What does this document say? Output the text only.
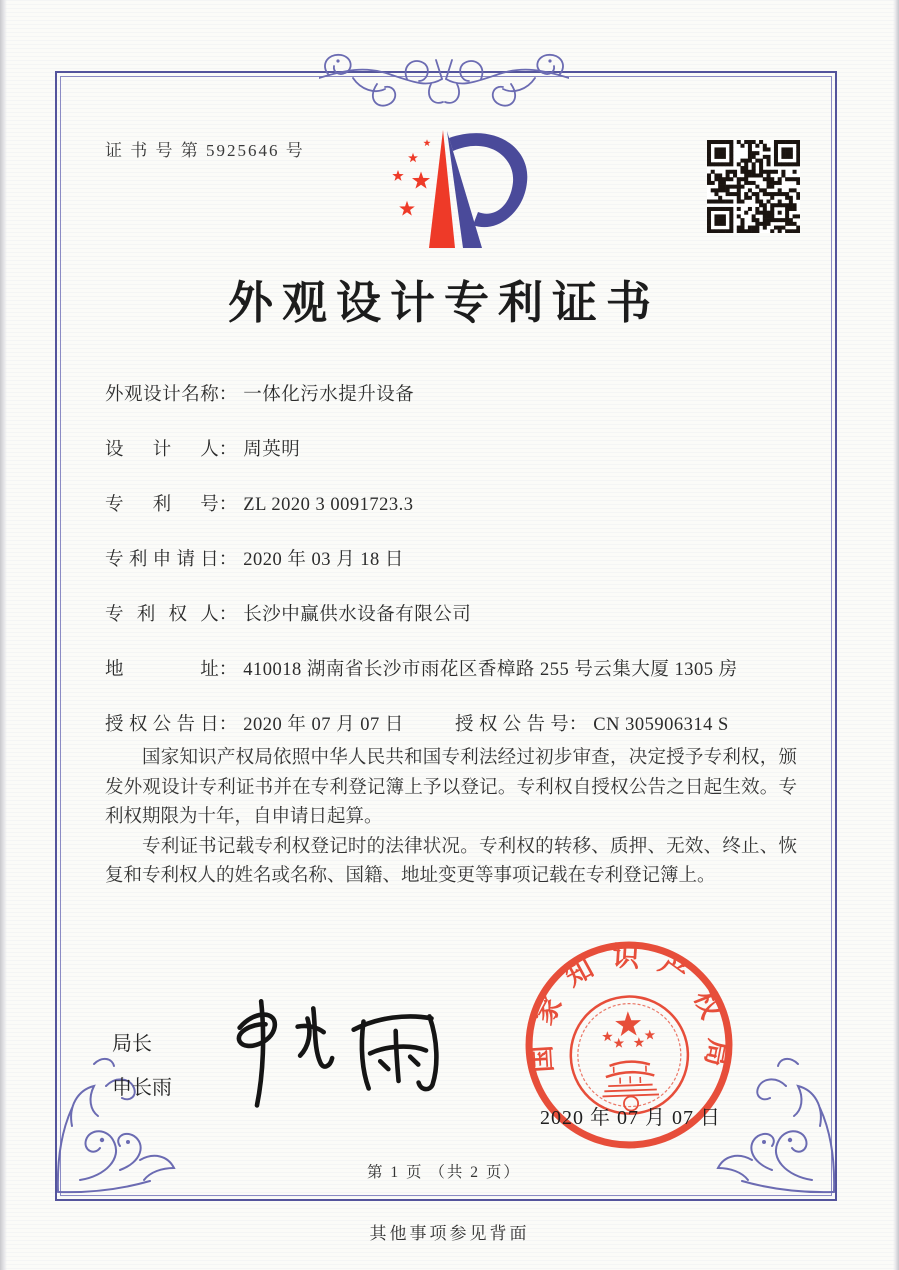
证 书 号 第 5925646 号
外观设计专利证书
外观设计名称： 一体化污水提升设备
设计人： 周英明
专利号： ZL 2020 3 0091723.3
专利申请日： 2020 年 03 月 18 日
专利权人： 长沙中赢供水设备有限公司
地址： 410018 湖南省长沙市雨花区香樟路 255 号云集大厦 1305 房
授权公告日： 2020 年 07 月 07 日	授权公告号： CN 305906314 S

国家知识产权局依照中华人民共和国专利法经过初步审查，决定授予专利权，颁发外观设计专利证书并在专利登记簿上予以登记。专利权自授权公告之日起生效。专利权期限为十年，自申请日起算。

专利证书记载专利权登记时的法律状况。专利权的转移、质押、无效、终止、恢复和专利权人的姓名或名称、国籍、地址变更等事项记载在专利登记簿上。

局长
申长雨
国家知识产权局
2020 年 07 月 07 日
第 1 页 （共 2 页）
其他事项参见背面
